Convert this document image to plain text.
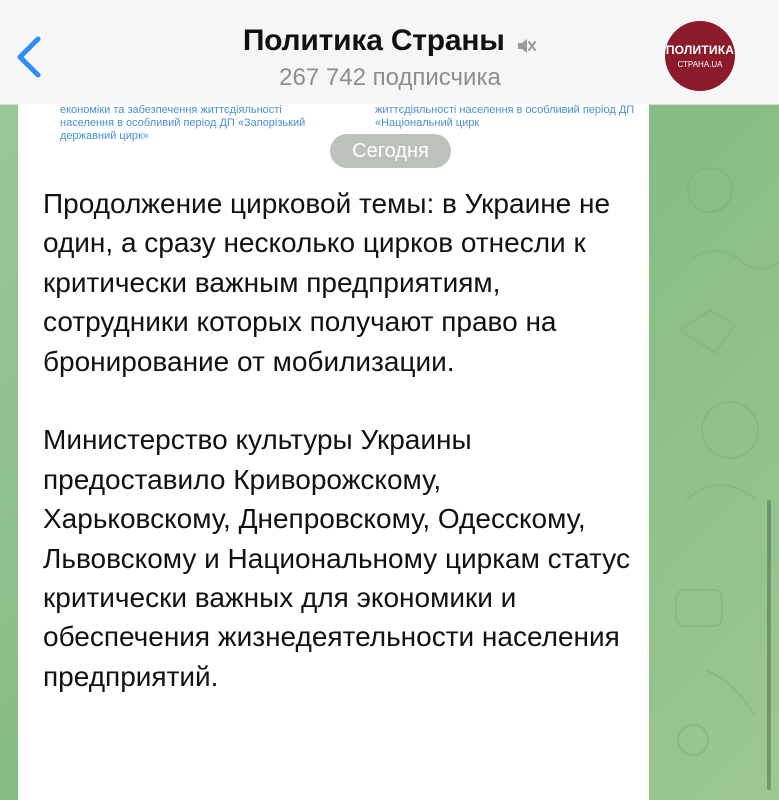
Политика Страны
267 742 подписчика
ПОЛИТИКА
СТРАНА.UA
економіки та забезпечення життєдіяльності населення в особливий період ДП «Запорізький державний цирк»
життєдіяльності населення в особливий період ДП «Національний цирк
Сегодня

Продолжение цирковой темы: в Украине не один, а сразу несколько цирков отнесли к критически важным предприятиям, сотрудники которых получают право на бронирование от мобилизации.

Министерство культуры Украины предоставило Криворожскому, Харьковскому, Днепровскому, Одесскому, Львовскому и Национальному циркам статус критически важных для экономики и обеспечения жизнедеятельности населения предприятий.
